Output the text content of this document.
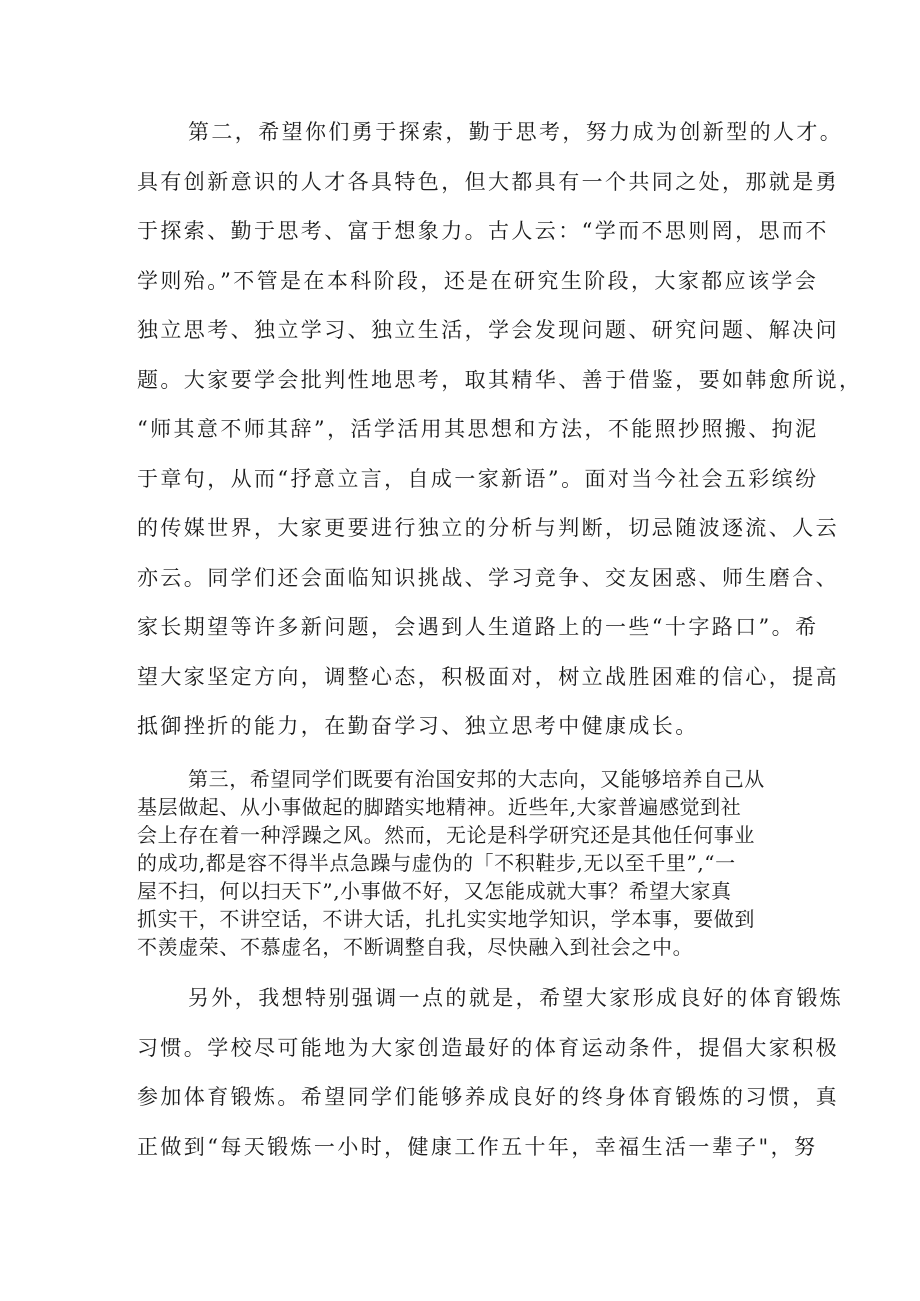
第二，希望你们勇于探索，勤于思考，努力成为创新型的人才。
具有创新意识的人才各具特色，但大都具有一个共同之处，那就是勇
于探索、勤于思考、富于想象力。古人云：“学而不思则罔，思而不
学则殆。”不管是在本科阶段，还是在研究生阶段，大家都应该学会
独立思考、独立学习、独立生活，学会发现问题、研究问题、解决问
题。大家要学会批判性地思考，取其精华、善于借鉴，要如韩愈所说，
“师其意不师其辞”，活学活用其思想和方法，不能照抄照搬、拘泥
于章句，从而“抒意立言，自成一家新语”。面对当今社会五彩缤纷
的传媒世界，大家更要进行独立的分析与判断，切忌随波逐流、人云
亦云。同学们还会面临知识挑战、学习竞争、交友困惑、师生磨合、
家长期望等许多新问题，会遇到人生道路上的一些“十字路口”。希
望大家坚定方向，调整心态，积极面对，树立战胜困难的信心，提高
抵御挫折的能力，在勤奋学习、独立思考中健康成长。
第三，希望同学们既要有治国安邦的大志向，又能够培养自己从
基层做起、从小事做起的脚踏实地精神。近些年,大家普遍感觉到社
会上存在着一种浮躁之风。然而，无论是科学研究还是其他任何事业
的成功,都是容不得半点急躁与虚伪的「不积鞋步,无以至千里”,“一
屋不扫，何以扫天下”,小事做不好，又怎能成就大事？希望大家真
抓实干，不讲空话，不讲大话，扎扎实实地学知识，学本事，要做到
不羡虚荣、不慕虚名，不断调整自我，尽快融入到社会之中。
另外，我想特别强调一点的就是，希望大家形成良好的体育锻炼
习惯。学校尽可能地为大家创造最好的体育运动条件，提倡大家积极
参加体育锻炼。希望同学们能够养成良好的终身体育锻炼的习惯，真
正做到“每天锻炼一小时，健康工作五十年，幸福生活一辈子"，努
